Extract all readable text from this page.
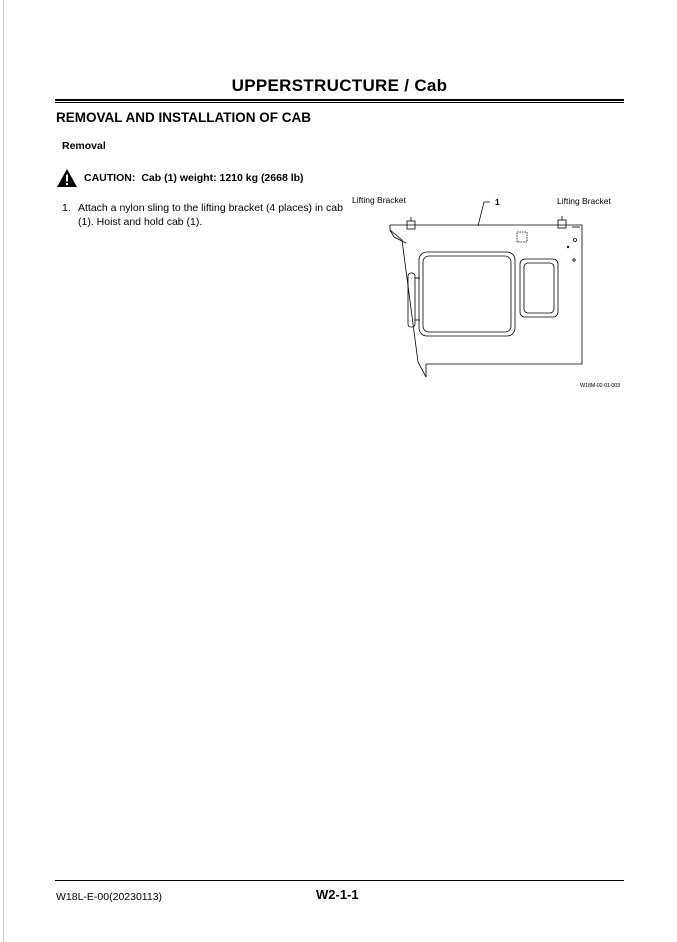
UPPERSTRUCTURE / Cab
REMOVAL AND INSTALLATION OF CAB
Removal
CAUTION: Cab (1) weight: 1210 kg (2668 lb)
1. Attach a nylon sling to the lifting bracket (4 places) in cab (1). Hoist and hold cab (1).
Lifting Bracket	Lifting Bracket
1
W18M-02-01-003
W18L-E-00(20230113)	W2-1-1
